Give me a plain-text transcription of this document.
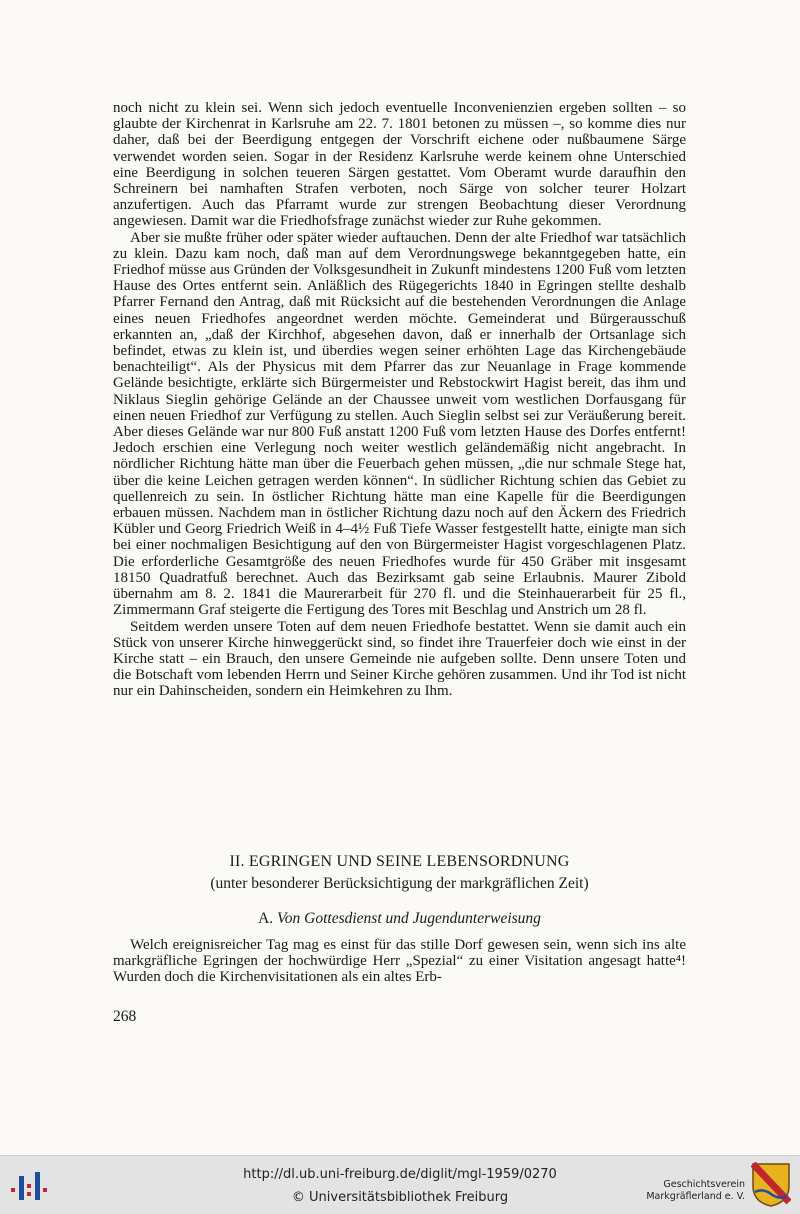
noch nicht zu klein sei. Wenn sich jedoch eventuelle Inconvenienzien ergeben sollten – so glaubte der Kirchenrat in Karlsruhe am 22. 7. 1801 betonen zu müssen –, so komme dies nur daher, daß bei der Beerdigung entgegen der Vorschrift eichene oder nußbaumene Särge verwendet worden seien. Sogar in der Residenz Karlsruhe werde keinem ohne Unterschied eine Beerdigung in solchen teueren Särgen gestattet. Vom Oberamt wurde daraufhin den Schreinern bei namhaften Strafen verboten, noch Särge von solcher teurer Holzart anzufertigen. Auch das Pfarramt wurde zur strengen Beobachtung dieser Verordnung angewiesen. Damit war die Friedhofsfrage zunächst wieder zur Ruhe gekommen.

Aber sie mußte früher oder später wieder auftauchen. Denn der alte Friedhof war tatsächlich zu klein. Dazu kam noch, daß man auf dem Verordnungswege bekanntgegeben hatte, ein Friedhof müsse aus Gründen der Volksgesundheit in Zukunft mindestens 1200 Fuß vom letzten Hause des Ortes entfernt sein. Anläßlich des Rügegerichts 1840 in Egringen stellte deshalb Pfarrer Fernand den Antrag, daß mit Rücksicht auf die bestehenden Verordnungen die Anlage eines neuen Friedhofes angeordnet werden möchte. Gemeinderat und Bürgerausschuß erkannten an, „daß der Kirchhof, abgesehen davon, daß er innerhalb der Ortsanlage sich befindet, etwas zu klein ist, und überdies wegen seiner erhöhten Lage das Kirchengebäude benachteiligt“. Als der Physicus mit dem Pfarrer das zur Neuanlage in Frage kommende Gelände besichtigte, erklärte sich Bürgermeister und Rebstockwirt Hagist bereit, das ihm und Niklaus Sieglin gehörige Gelände an der Chaussee unweit vom westlichen Dorfausgang für einen neuen Friedhof zur Verfügung zu stellen. Auch Sieglin selbst sei zur Veräußerung bereit. Aber dieses Gelände war nur 800 Fuß anstatt 1200 Fuß vom letzten Hause des Dorfes entfernt! Jedoch erschien eine Verlegung noch weiter westlich geländemäßig nicht angebracht. In nördlicher Richtung hätte man über die Feuerbach gehen müssen, „die nur schmale Stege hat, über die keine Leichen getragen werden können“. In südlicher Richtung schien das Gebiet zu quellenreich zu sein. In östlicher Richtung hätte man eine Kapelle für die Beerdigungen erbauen müssen. Nachdem man in östlicher Richtung dazu noch auf den Äckern des Friedrich Kübler und Georg Friedrich Weiß in 4–4½ Fuß Tiefe Wasser festgestellt hatte, einigte man sich bei einer nochmaligen Besichtigung auf den von Bürgermeister Hagist vorgeschlagenen Platz. Die erforderliche Gesamtgröße des neuen Friedhofes wurde für 450 Gräber mit insgesamt 18150 Quadratfuß berechnet. Auch das Bezirksamt gab seine Erlaubnis. Maurer Zibold übernahm am 8. 2. 1841 die Maurerarbeit für 270 fl. und die Steinhauerarbeit für 25 fl., Zimmermann Graf steigerte die Fertigung des Tores mit Beschlag und Anstrich um 28 fl.

Seitdem werden unsere Toten auf dem neuen Friedhofe bestattet. Wenn sie damit auch ein Stück von unserer Kirche hinweggerückt sind, so findet ihre Trauerfeier doch wie einst in der Kirche statt – ein Brauch, den unsere Gemeinde nie aufgeben sollte. Denn unsere Toten und die Botschaft vom lebenden Herrn und Seiner Kirche gehören zusammen. Und ihr Tod ist nicht nur ein Dahinscheiden, sondern ein Heimkehren zu Ihm.

II. EGRINGEN UND SEINE LEBENSORDNUNG
(unter besonderer Berücksichtigung der markgräflichen Zeit)
A. Von Gottesdienst und Jugendunterweisung

Welch ereignisreicher Tag mag es einst für das stille Dorf gewesen sein, wenn sich ins alte markgräfliche Egringen der hochwürdige Herr „Spezial“ zu einer Visitation angesagt hatte⁴! Wurden doch die Kirchenvisitationen als ein altes Erb-

268
http://dl.ub.uni-freiburg.de/diglit/mgl-1959/0270
© Universitätsbibliothek Freiburg
Geschichtsverein
Markgräflerland e. V.
